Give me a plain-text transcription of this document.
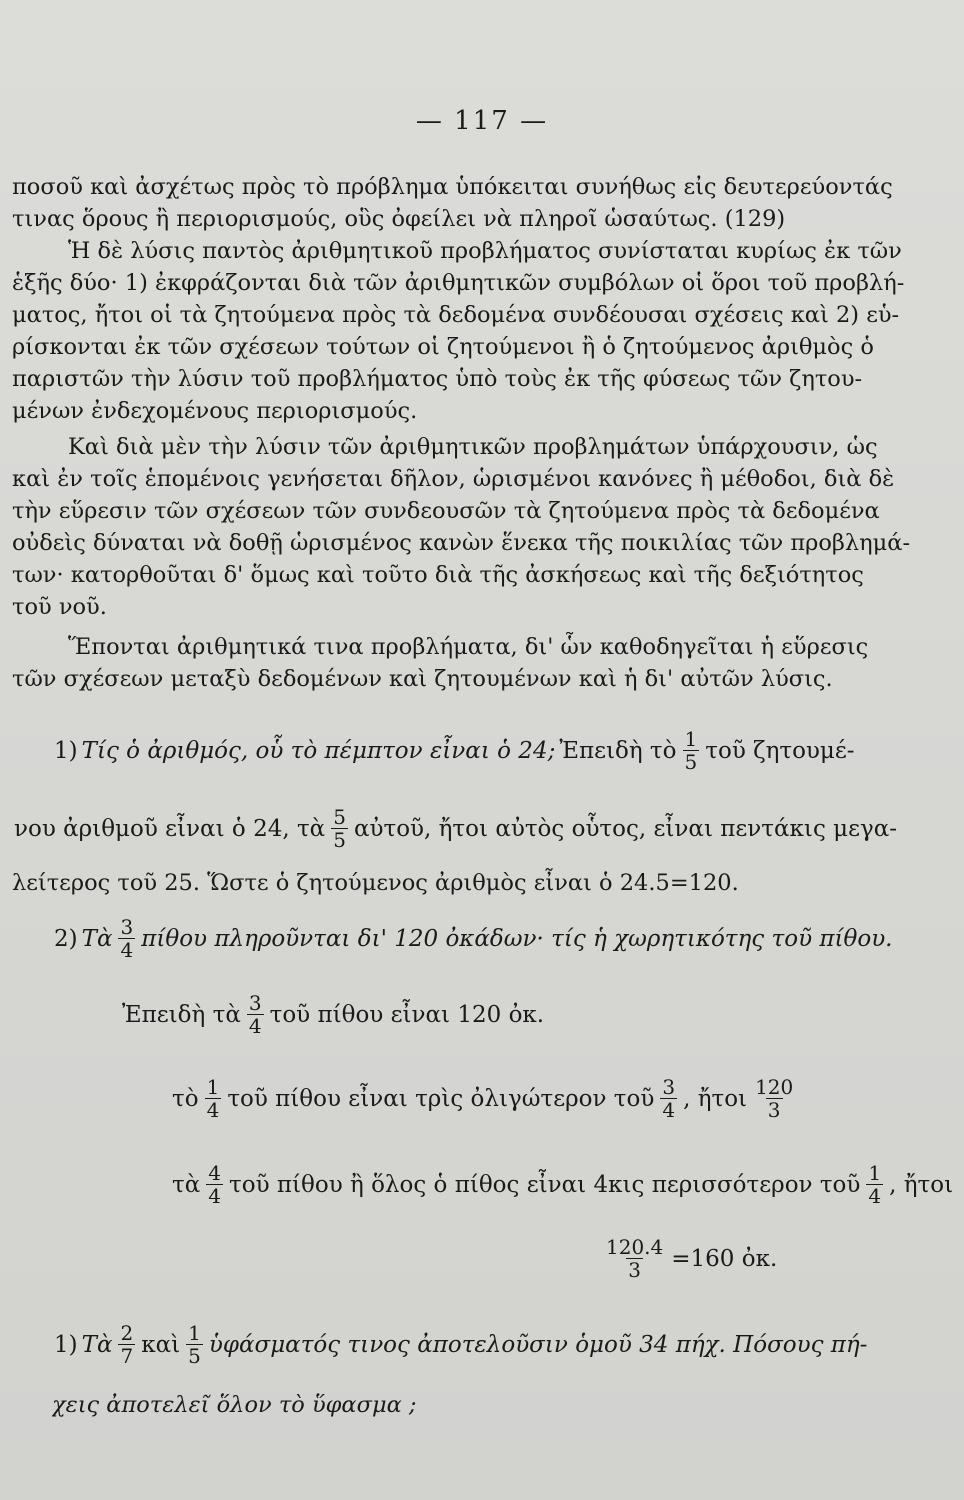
— 117 —
ποσοῦ καὶ ἀσχέτως πρὸς τὸ πρόβλημα ὑπόκειται συνήθως εἰς δευτερεύοντάς
τινας ὅρους ἢ περιορισμούς, οὓς ὀφείλει νὰ πληροῖ ὡσαύτως. (129)
Ἡ δὲ λύσις παντὸς ἀριθμητικοῦ προβλήματος συνίσταται κυρίως ἐκ τῶν
ἑξῆς δύο· 1) ἐκφράζονται διὰ τῶν ἀριθμητικῶν συμβόλων οἱ ὅροι τοῦ προβλή-
ματος, ἤτοι οἱ τὰ ζητούμενα πρὸς τὰ δεδομένα συνδέουσαι σχέσεις καὶ 2) εὑ-
ρίσκονται ἐκ τῶν σχέσεων τούτων οἱ ζητούμενοι ἢ ὁ ζητούμενος ἀριθμὸς ὁ
παριστῶν τὴν λύσιν τοῦ προβλήματος ὑπὸ τοὺς ἐκ τῆς φύσεως τῶν ζητου-
μένων ἐνδεχομένους περιορισμούς.
Καὶ διὰ μὲν τὴν λύσιν τῶν ἀριθμητικῶν προβλημάτων ὑπάρχουσιν, ὡς
καὶ ἐν τοῖς ἑπομένοις γενήσεται δῆλον, ὡρισμένοι κανόνες ἢ μέθοδοι, διὰ δὲ
τὴν εὕρεσιν τῶν σχέσεων τῶν συνδεουσῶν τὰ ζητούμενα πρὸς τὰ δεδομένα
οὐδεὶς δύναται νὰ δοθῇ ὡρισμένος κανὼν ἕνεκα τῆς ποικιλίας τῶν προβλημά-
των· κατορθοῦται δ' ὅμως καὶ τοῦτο διὰ τῆς ἀσκήσεως καὶ τῆς δεξιότητος
τοῦ νοῦ.
Ἕπονται ἀριθμητικά τινα προβλήματα, δι' ὧν καθοδηγεῖται ἡ εὕρεσις
τῶν σχέσεων μεταξὺ δεδομένων καὶ ζητουμένων καὶ ἡ δι' αὐτῶν λύσις.
1) Τίς ὁ ἀριθμός, οὗ τὸ πέμπτον εἶναι ὁ 24; Ἐπειδὴ τὸ $\frac{1}{5}$ τοῦ ζητουμέ-
νου ἀριθμοῦ εἶναι ὁ 24, τὰ $\frac{5}{5}$ αὐτοῦ, ἤτοι αὐτὸς οὗτος, εἶναι πεντάκις μεγα-
λείτερος τοῦ 25. Ὥστε ὁ ζητούμενος ἀριθμὸς εἶναι ὁ 24.5=120.
2) Τὰ $\frac{3}{4}$ πίθου πληροῦνται δι' 120 ὀκάδων· τίς ἡ χωρητικότης τοῦ πίθου.
Ἐπειδὴ τὰ $\frac{3}{4}$ τοῦ πίθου εἶναι 120 ὀκ.
τὸ $\frac{1}{4}$ τοῦ πίθου εἶναι τρὶς ὀλιγώτερον τοῦ $\frac{3}{4}$ , ἤτοι $\frac{120}{3}$
τὰ $\frac{4}{4}$ τοῦ πίθου ἢ ὅλος ὁ πίθος εἶναι 4κις περισσότερον τοῦ $\frac{1}{4}$ , ἤτοι
$\frac{120.4}{3} =160$ ὀκ.
1) Τὰ $\frac{2}{7}$ καὶ $\frac{1}{5}$ ὑφάσματός τινος ἀποτελοῦσιν ὁμοῦ 34 πήχ. Πόσους πή-
χεις ἀποτελεῖ ὅλον τὸ ὕφασμα ;
